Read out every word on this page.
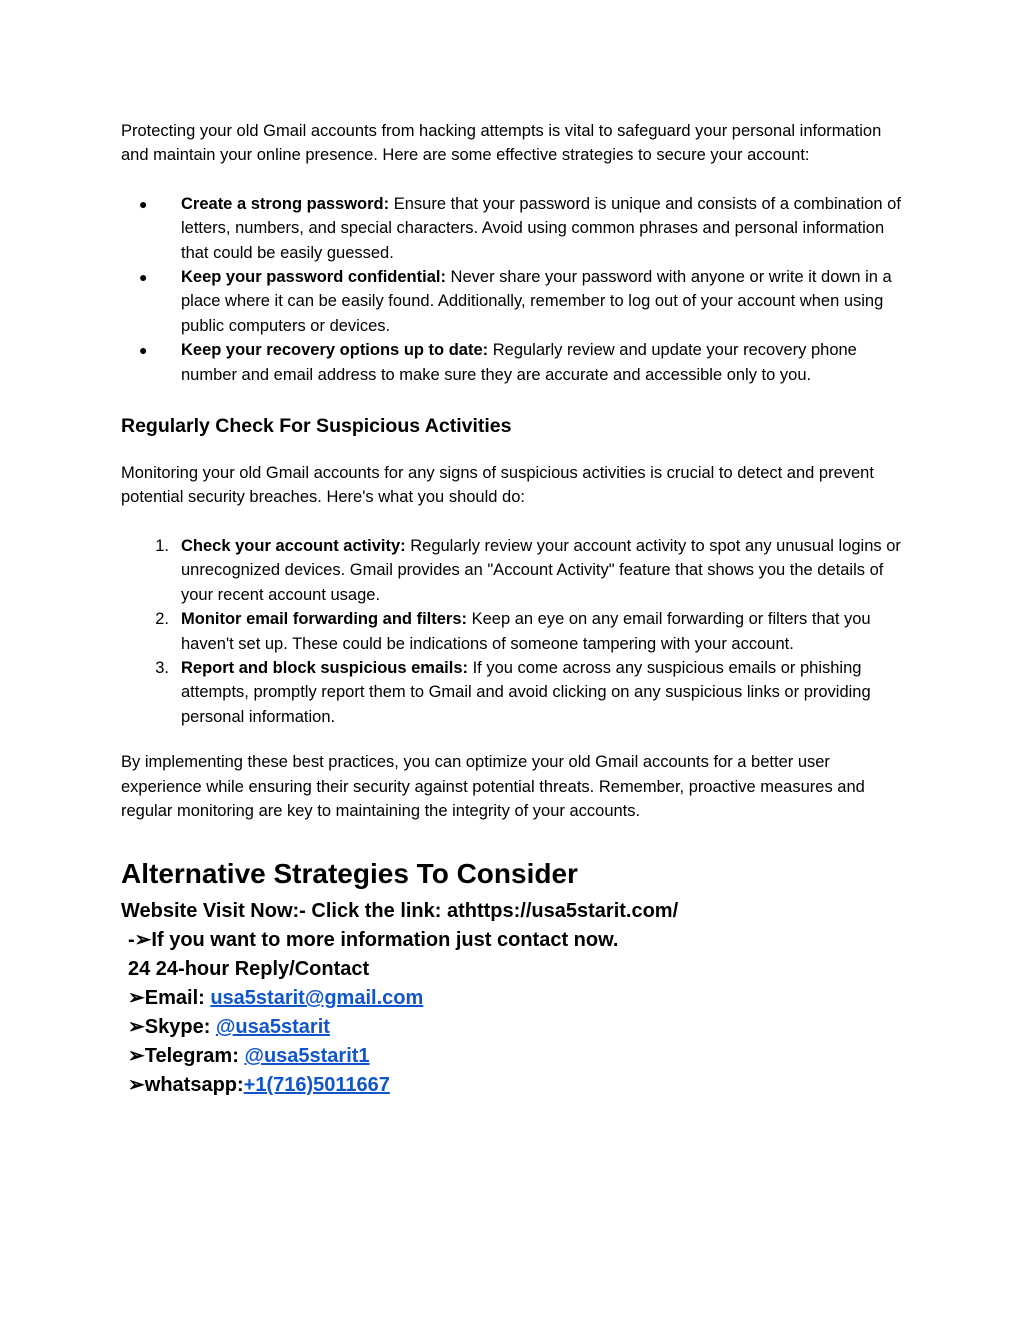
Protecting your old Gmail accounts from hacking attempts is vital to safeguard your personal information and maintain your online presence. Here are some effective strategies to secure your account:

●	Create a strong password: Ensure that your password is unique and consists of a combination of letters, numbers, and special characters. Avoid using common phrases and personal information that could be easily guessed.
●	Keep your password confidential: Never share your password with anyone or write it down in a place where it can be easily found. Additionally, remember to log out of your account when using public computers or devices.
●	Keep your recovery options up to date: Regularly review and update your recovery phone number and email address to make sure they are accurate and accessible only to you.
Regularly Check For Suspicious Activities

Monitoring your old Gmail accounts for any signs of suspicious activities is crucial to detect and prevent potential security breaches. Here's what you should do:

1. Check your account activity: Regularly review your account activity to spot any unusual logins or unrecognized devices. Gmail provides an "Account Activity" feature that shows you the details of your recent account usage.
2. Monitor email forwarding and filters: Keep an eye on any email forwarding or filters that you haven't set up. These could be indications of someone tampering with your account.
3. Report and block suspicious emails: If you come across any suspicious emails or phishing attempts, promptly report them to Gmail and avoid clicking on any suspicious links or providing personal information.

By implementing these best practices, you can optimize your old Gmail accounts for a better user experience while ensuring their security against potential threats. Remember, proactive measures and regular monitoring are key to maintaining the integrity of your accounts.

Alternative Strategies To Consider
Website Visit Now:- Click the link: athttps://usa5starit.com/
-➢If you want to more information just contact now.
24 24-hour Reply/Contact
➢Email: usa5starit@gmail.com
➢Skype: @usa5starit
➢Telegram: @usa5starit1
➢whatsapp:+1(716)5011667
